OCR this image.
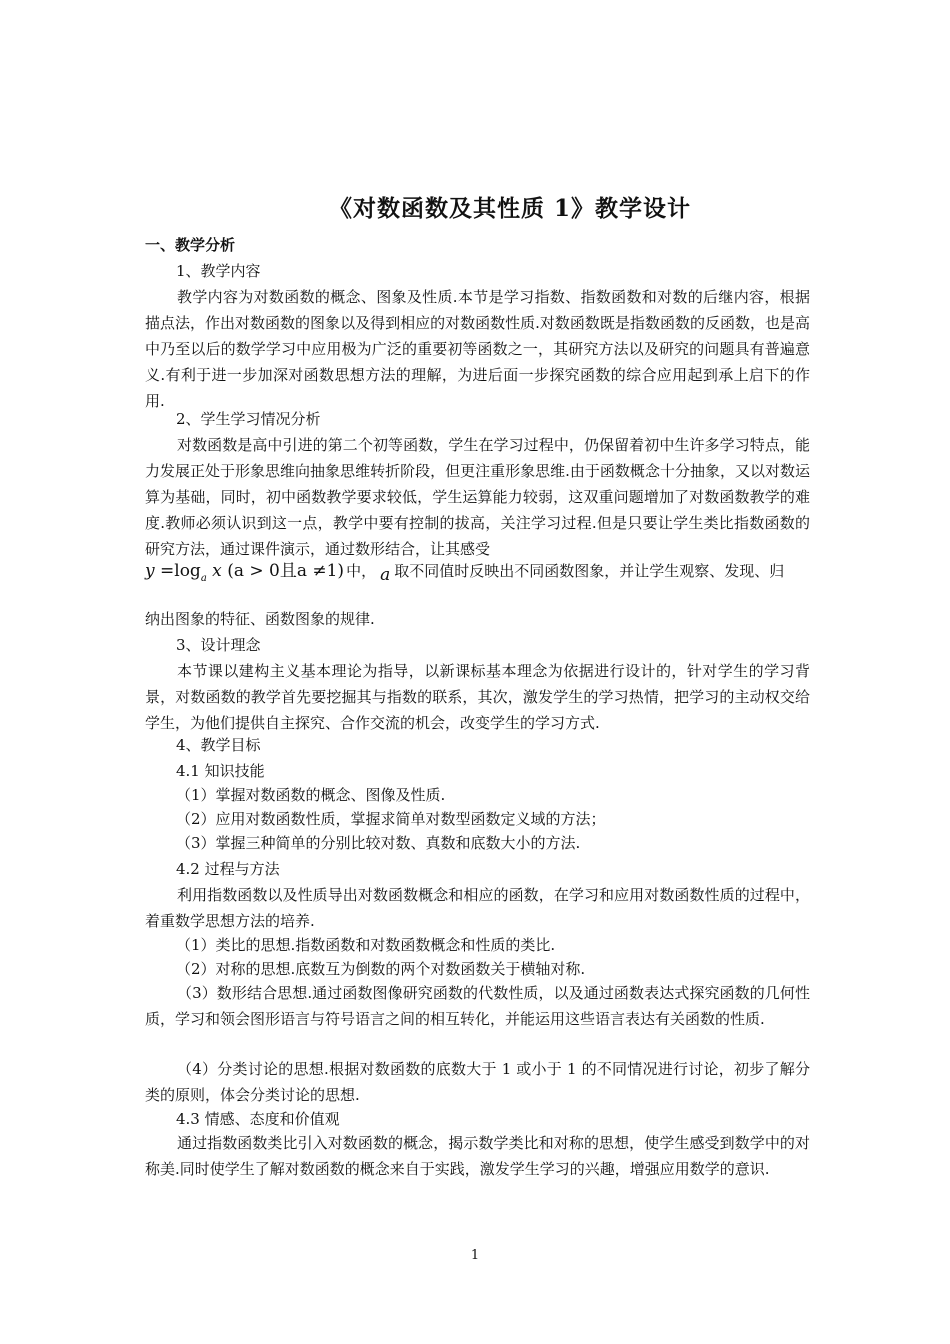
《对数函数及其性质 1》教学设计
一、教学分析
1、教学内容

教学内容为对数函数的概念、图象及性质.本节是学习指数、指数函数和对数的后继内容，根据描点法，作出对数函数的图象以及得到相应的对数函数性质.对数函数既是指数函数的反函数，也是高中乃至以后的数学学习中应用极为广泛的重要初等函数之一，其研究方法以及研究的问题具有普遍意义.有利于进一步加深对函数思想方法的理解，为进后面一步探究函数的综合应用起到承上启下的作用.

2、学生学习情况分析

对数函数是高中引进的第二个初等函数，学生在学习过程中，仍保留着初中生许多学习特点，能力发展正处于形象思维向抽象思维转折阶段，但更注重形象思维.由于函数概念十分抽象，又以对数运算为基础，同时，初中函数教学要求较低，学生运算能力较弱，这双重问题增加了对数函数教学的难度.教师必须认识到这一点，教学中要有控制的拔高，关注学习过程.但是只要让学生类比指数函数的研究方法，通过课件演示，通过数形结合，让其感受

$y =\log_a$ x (a > 0且a ≠1) 中， a 取不同值时反映出不同函数图象，并让学生观察、发现、归

纳出图象的特征、函数图象的规律.

3、设计理念

本节课以建构主义基本理论为指导，以新课标基本理念为依据进行设计的，针对学生的学习背景，对数函数的教学首先要挖掘其与指数的联系，其次，激发学生的学习热情，把学习的主动权交给学生，为他们提供自主探究、合作交流的机会，改变学生的学习方式.

4、教学目标
4.1 知识技能
（1）掌握对数函数的概念、图像及性质.
（2）应用对数函数性质，掌握求简单对数型函数定义域的方法；
（3）掌握三种简单的分别比较对数、真数和底数大小的方法.
4.2 过程与方法

利用指数函数以及性质导出对数函数概念和相应的函数，在学习和应用对数函数性质的过程中，着重数学思想方法的培养.

（1）类比的思想.指数函数和对数函数概念和性质的类比.
（2）对称的思想.底数互为倒数的两个对数函数关于横轴对称.

（3）数形结合思想.通过函数图像研究函数的代数性质，以及通过函数表达式探究函数的几何性质，学习和领会图形语言与符号语言之间的相互转化，并能运用这些语言表达有关函数的性质.

（4）分类讨论的思想.根据对数函数的底数大于 1 或小于 1 的不同情况进行讨论，初步了解分类的原则，体会分类讨论的思想.

4.3 情感、态度和价值观

通过指数函数类比引入对数函数的概念，揭示数学类比和对称的思想，使学生感受到数学中的对称美.同时使学生了解对数函数的概念来自于实践，激发学生学习的兴趣，增强应用数学的意识.

1
